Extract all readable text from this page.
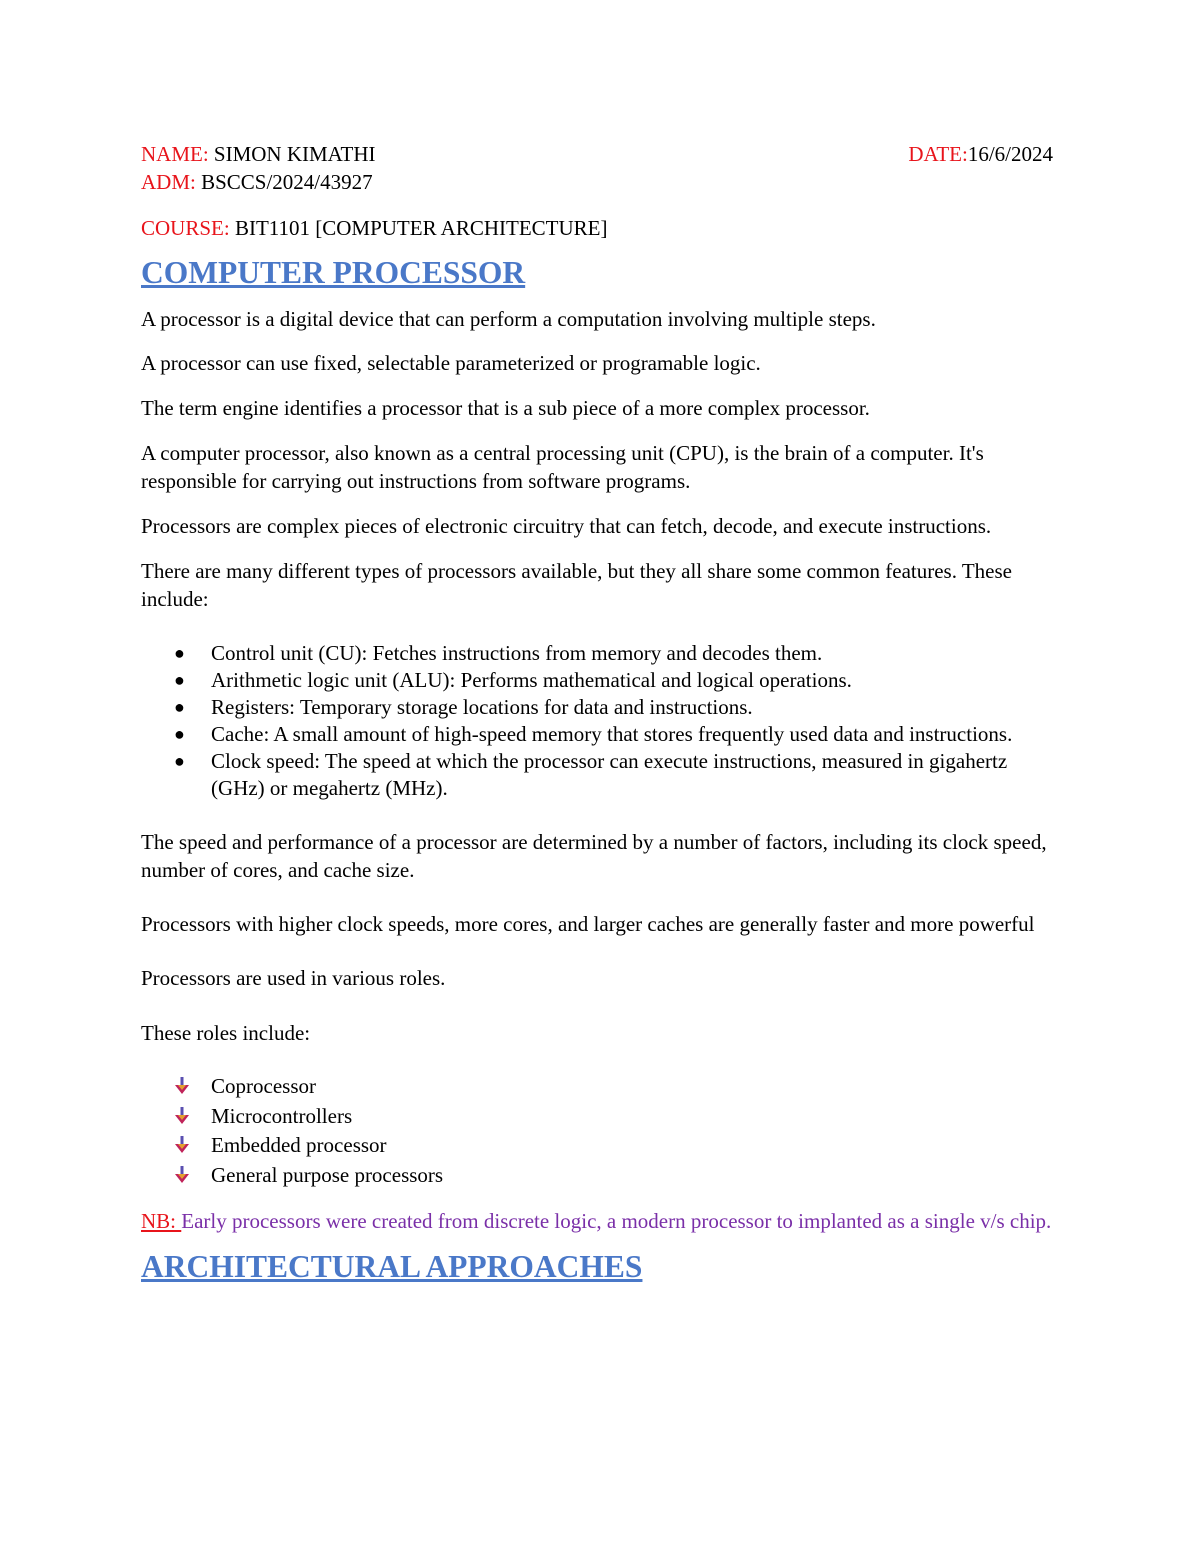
NAME: SIMON KIMATHI	DATE:16/6/2024
ADM: BSCCS/2024/43927
COURSE: BIT1101 [COMPUTER ARCHITECTURE]
COMPUTER PROCESSOR

A processor is a digital device that can perform a computation involving multiple steps.

A processor can use fixed, selectable parameterized or programable logic.

The term engine identifies a processor that is a sub piece of a more complex processor.

A computer processor, also known as a central processing unit (CPU), is the brain of a computer. It's responsible for carrying out instructions from software programs.

Processors are complex pieces of electronic circuitry that can fetch, decode, and execute instructions.

There are many different types of processors available, but they all share some common features. These include:

● Control unit (CU): Fetches instructions from memory and decodes them.
● Arithmetic logic unit (ALU): Performs mathematical and logical operations.
● Registers: Temporary storage locations for data and instructions.
● Cache: A small amount of high-speed memory that stores frequently used data and instructions.
● Clock speed: The speed at which the processor can execute instructions, measured in gigahertz (GHz) or megahertz (MHz).

The speed and performance of a processor are determined by a number of factors, including its clock speed, number of cores, and cache size.

Processors with higher clock speeds, more cores, and larger caches are generally faster and more powerful

Processors are used in various roles.

These roles include:

Coprocessor
Microcontrollers
Embedded processor
General purpose processors

NB: Early processors were created from discrete logic, a modern processor to implanted as a single v/s chip.

ARCHITECTURAL APPROACHES
